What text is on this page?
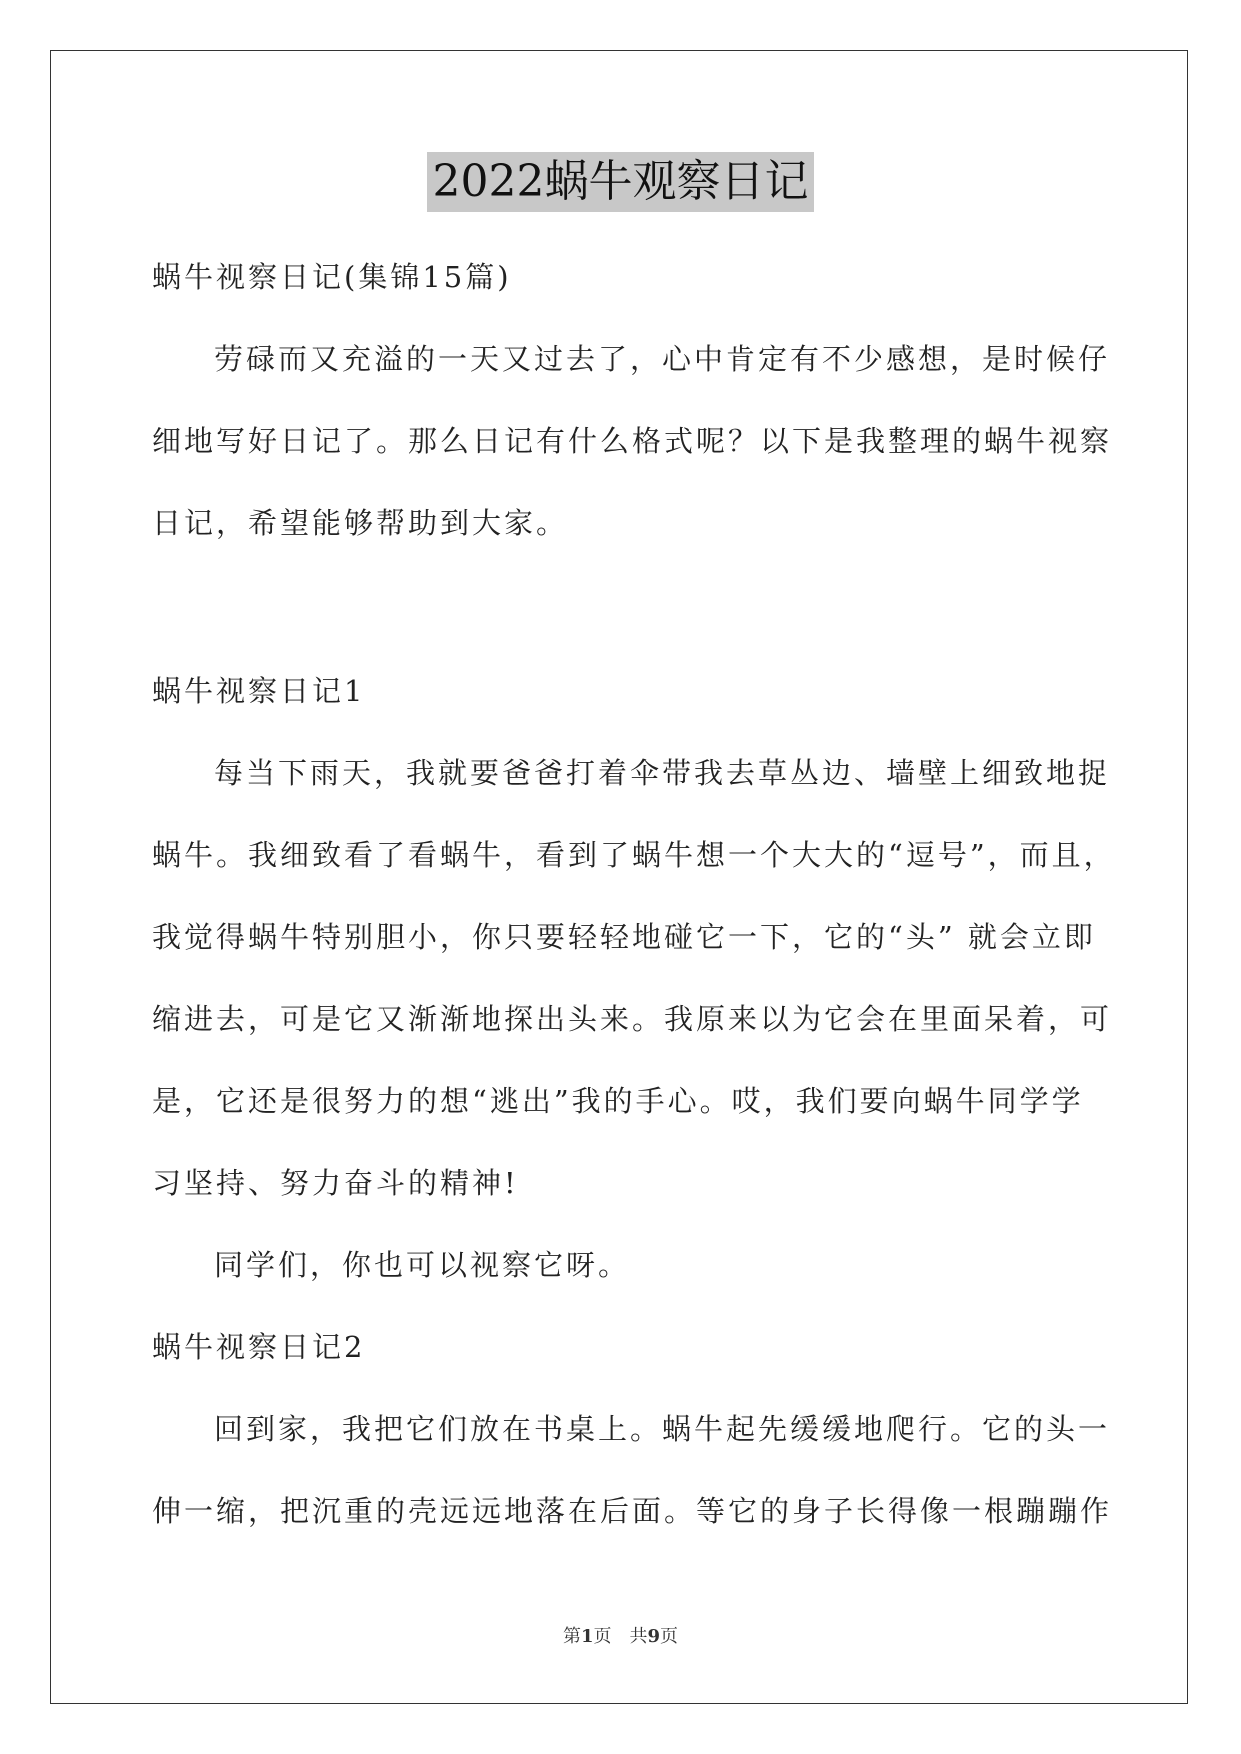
2022蜗牛观察日记
蜗牛视察日记(集锦15篇)
劳碌而又充溢的一天又过去了，心中肯定有不少感想，是时候仔
细地写好日记了。那么日记有什么格式呢？以下是我整理的蜗牛视察
日记，希望能够帮助到大家。
蜗牛视察日记1
每当下雨天，我就要爸爸打着伞带我去草丛边、墙壁上细致地捉
蜗牛。我细致看了看蜗牛，看到了蜗牛想一个大大的“逗号”，而且，
我觉得蜗牛特别胆小，你只要轻轻地碰它一下，它的“头” 就会立即
缩进去，可是它又渐渐地探出头来。我原来以为它会在里面呆着，可
是，它还是很努力的想“逃出”我的手心。哎，我们要向蜗牛同学学
习坚持、努力奋斗的精神!
同学们，你也可以视察它呀。
蜗牛视察日记2
回到家，我把它们放在书桌上。蜗牛起先缓缓地爬行。它的头一
伸一缩，把沉重的壳远远地落在后面。等它的身子长得像一根蹦蹦作
第1页　共9页
